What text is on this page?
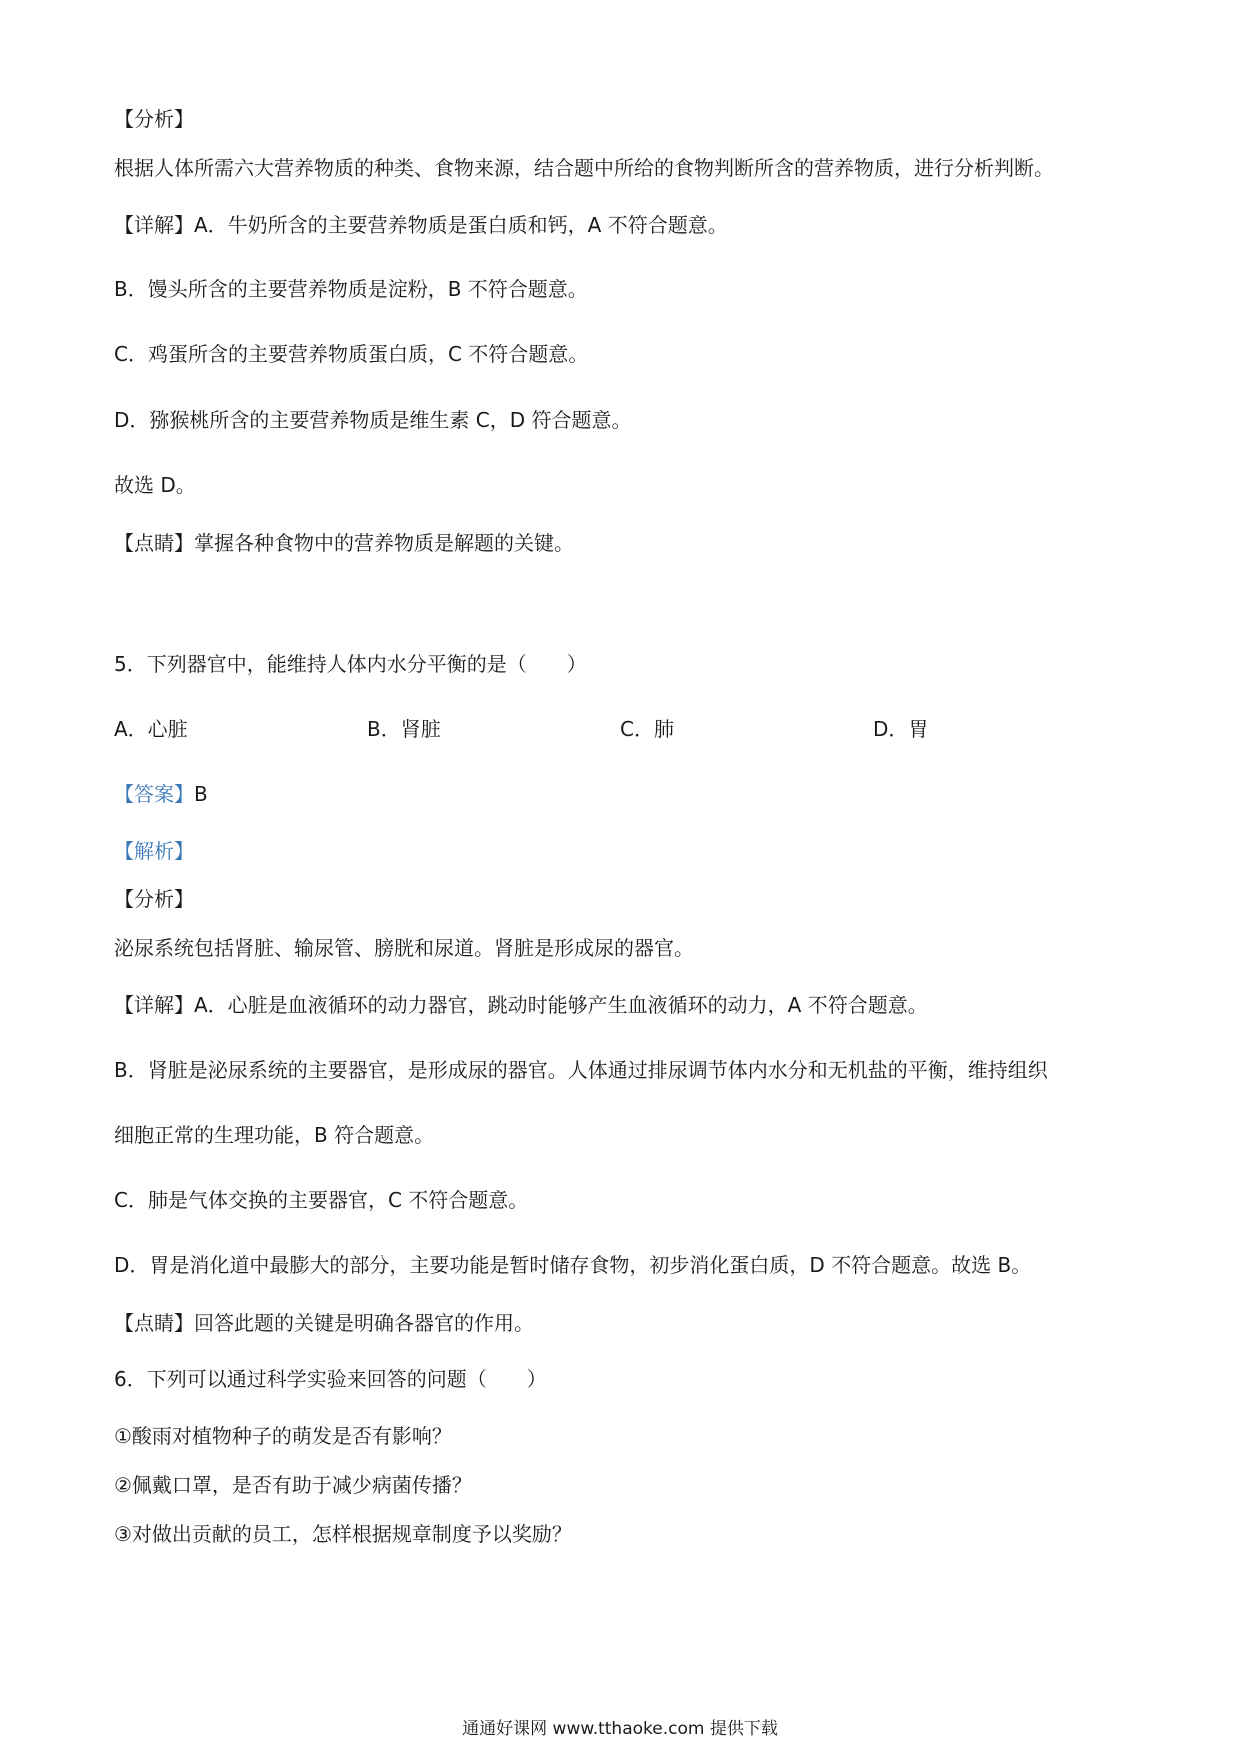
【分析】
根据人体所需六大营养物质的种类、食物来源，结合题中所给的食物判断所含的营养物质，进行分析判断。
【详解】A．牛奶所含的主要营养物质是蛋白质和钙，A 不符合题意。
B．馒头所含的主要营养物质是淀粉，B 不符合题意。
C．鸡蛋所含的主要营养物质蛋白质，C 不符合题意。
D．猕猴桃所含的主要营养物质是维生素 C，D 符合题意。
故选 D。
【点睛】掌握各种食物中的营养物质是解题的关键。
5．下列器官中，能维持人体内水分平衡的是（　　）
A．心脏	B．肾脏	C．肺	D．胃
【答案】B
【解析】
【分析】
泌尿系统包括肾脏、输尿管、膀胱和尿道。肾脏是形成尿的器官。
【详解】A．心脏是血液循环的动力器官，跳动时能够产生血液循环的动力，A 不符合题意。
B．肾脏是泌尿系统的主要器官，是形成尿的器官。人体通过排尿调节体内水分和无机盐的平衡，维持组织
细胞正常的生理功能，B 符合题意。
C．肺是气体交换的主要器官，C 不符合题意。
D．胃是消化道中最膨大的部分，主要功能是暂时储存食物，初步消化蛋白质，D 不符合题意。故选 B。
【点睛】回答此题的关键是明确各器官的作用。
6．下列可以通过科学实验来回答的问题（　　）
①酸雨对植物种子的萌发是否有影响？
②佩戴口罩，是否有助于减少病菌传播？
③对做出贡献的员工，怎样根据规章制度予以奖励？
通通好课网 www.tthaoke.com 提供下载
